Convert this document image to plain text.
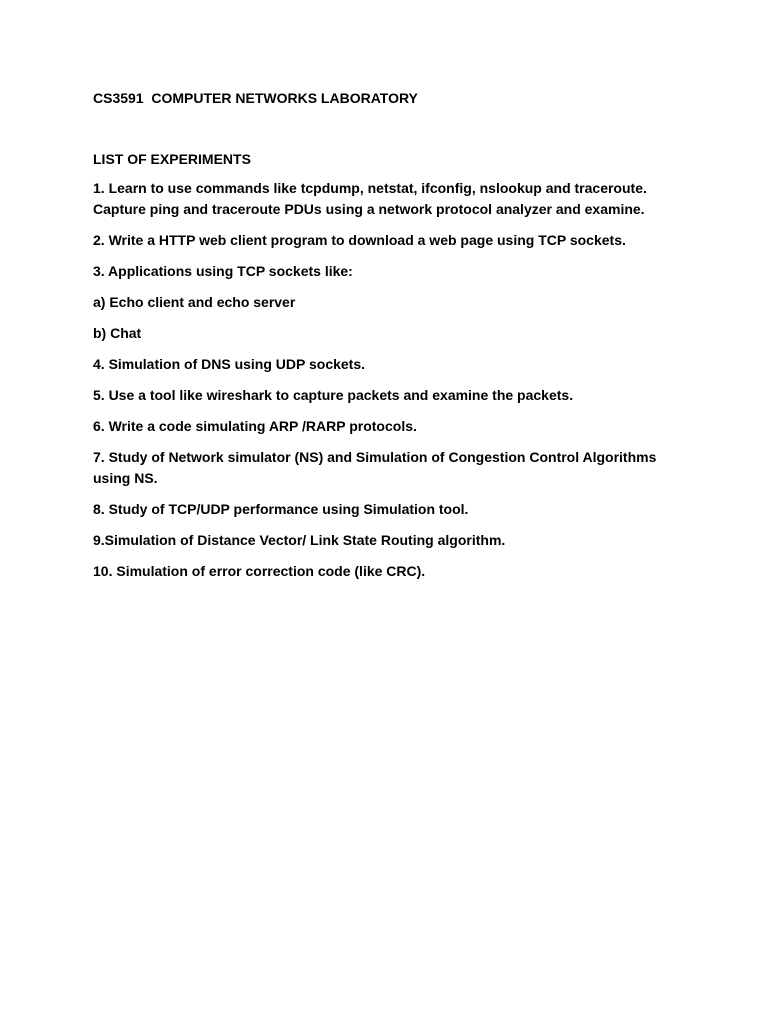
CS3591  COMPUTER NETWORKS LABORATORY

LIST OF EXPERIMENTS

1. Learn to use commands like tcpdump, netstat, ifconfig, nslookup and traceroute. Capture ping and traceroute PDUs using a network protocol analyzer and examine.

2. Write a HTTP web client program to download a web page using TCP sockets.

3. Applications using TCP sockets like:

a) Echo client and echo server

b) Chat

4. Simulation of DNS using UDP sockets.

5. Use a tool like wireshark to capture packets and examine the packets.

6. Write a code simulating ARP /RARP protocols.

7. Study of Network simulator (NS) and Simulation of Congestion Control Algorithms using NS.

8. Study of TCP/UDP performance using Simulation tool.

9.Simulation of Distance Vector/ Link State Routing algorithm.

10. Simulation of error correction code (like CRC).
